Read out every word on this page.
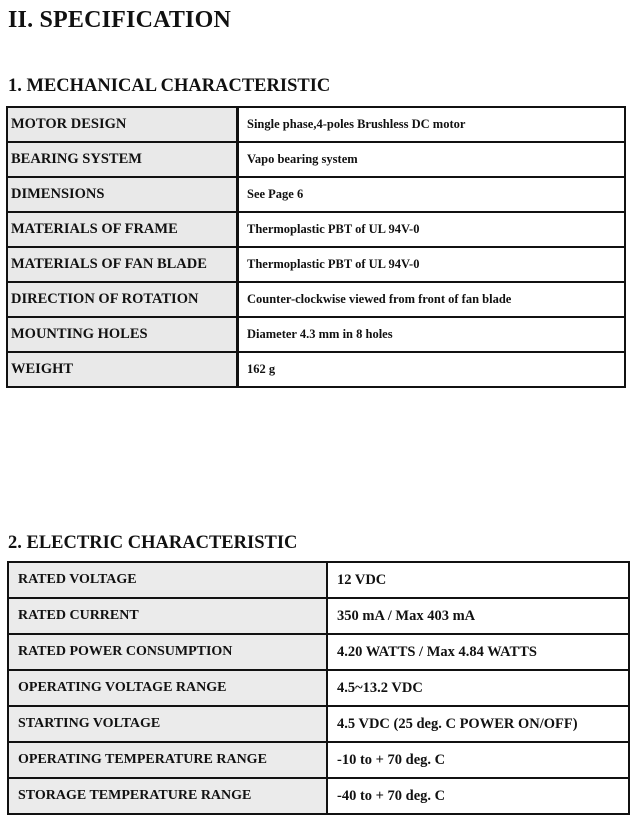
II. SPECIFICATION
1. MECHANICAL CHARACTERISTIC
MOTOR DESIGN	Single phase,4-poles Brushless DC motor
BEARING SYSTEM	Vapo bearing system
DIMENSIONS	See Page 6
MATERIALS OF FRAME	Thermoplastic PBT of UL 94V-0
MATERIALS OF FAN BLADE	Thermoplastic PBT of UL 94V-0
DIRECTION OF ROTATION	Counter-clockwise viewed from front of fan blade
MOUNTING HOLES	Diameter 4.3 mm in 8 holes
WEIGHT	162 g
2. ELECTRIC CHARACTERISTIC
RATED VOLTAGE	12 VDC
RATED CURRENT	350 mA / Max 403 mA
RATED POWER CONSUMPTION	4.20 WATTS / Max 4.84 WATTS
OPERATING VOLTAGE RANGE	4.5~13.2 VDC
STARTING VOLTAGE	4.5 VDC (25 deg. C POWER ON/OFF)
OPERATING TEMPERATURE RANGE	-10 to + 70 deg. C
STORAGE TEMPERATURE RANGE	-40 to + 70 deg. C
